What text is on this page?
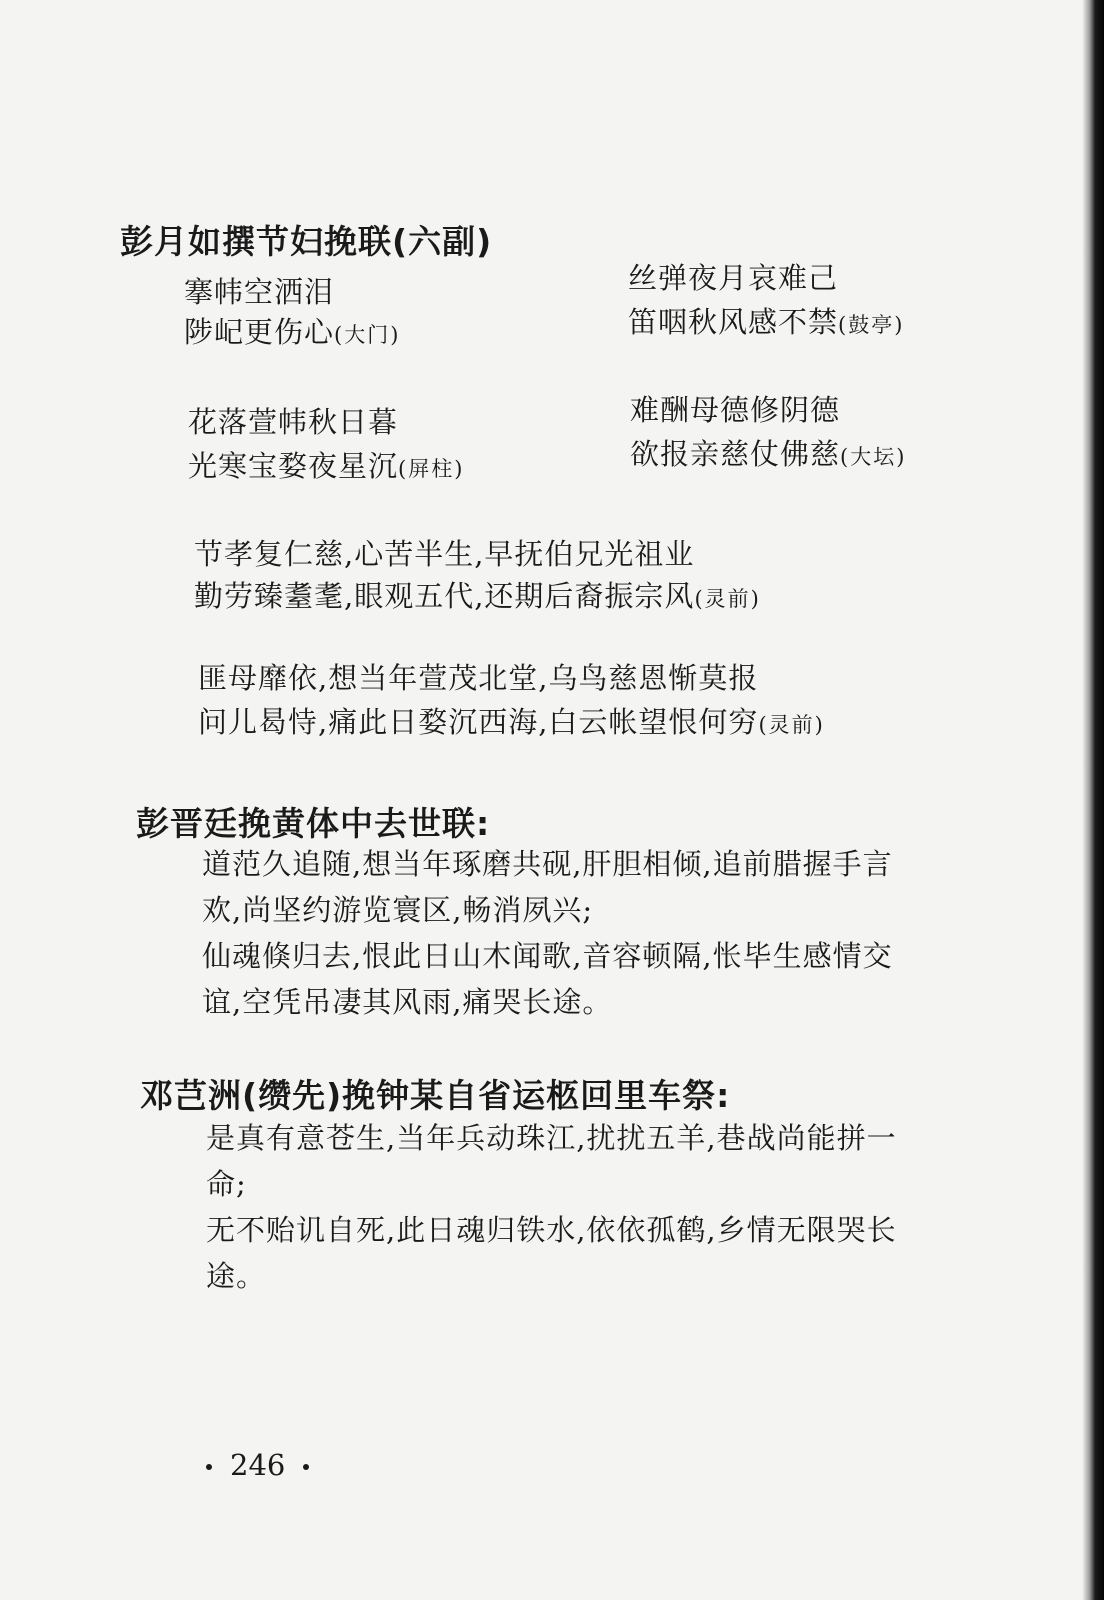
彭月如撰节妇挽联(六副)
搴帏空洒泪
陟屺更伤心(大门)
丝弹夜月哀难己
笛咽秋风感不禁(鼓亭)
花落萱帏秋日暮
光寒宝婺夜星沉(屏柱)
难酬母德修阴德
欲报亲慈仗佛慈(大坛)
节孝复仁慈,心苦半生,早抚伯兄光祖业
勤劳臻耋耄,眼观五代,还期后裔振宗风(灵前)
匪母靡依,想当年萱茂北堂,乌鸟慈恩惭莫报
问儿曷恃,痛此日婺沉西海,白云帐望恨何穷(灵前)
彭晋廷挽黄体中去世联:
道范久追随,想当年琢磨共砚,肝胆相倾,追前腊握手言
欢,尚坚约游览寰区,畅消夙兴;
仙魂倏归去,恨此日山木闻歌,音容顿隔,怅毕生感情交
谊,空凭吊凄其风雨,痛哭长途。
邓芑洲(缵先)挽钟某自省运柩回里车祭:
是真有意苍生,当年兵动珠江,扰扰五羊,巷战尚能拼一
命;
无不贻讥自死,此日魂归铁水,依依孤鹤,乡情无限哭长
途。
246
